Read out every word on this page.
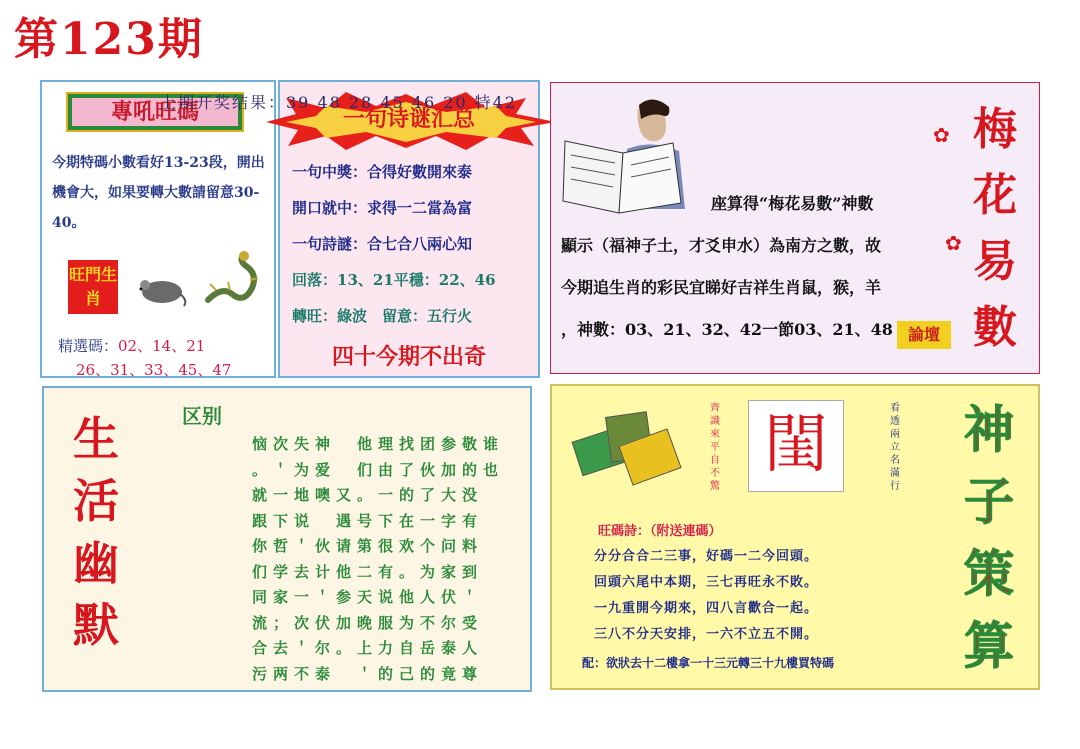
第123期
上期开奖结果：39 48 28 45 46 20 特42
專吼旺碼
今期特碼小數看好13-23段，開出機會大，如果要轉大數請留意30-40。
旺門生肖
精選碼：02、14、21
26、31、33、45、47
一句诗谜汇总
一句中獎：合得好數開來泰
開口就中：求得一二當為富
一句詩謎：合七合八兩心知
回落：13、21平穩：22、46
轉旺：綠波　留意：五行火
四十今期不出奇
座算得“梅花易數”神數
顯示（福神子土，才爻申水）為南方之數，故
今期追生肖的彩民宜睇好吉祥生肖鼠，猴，羊
，神數：03、21、32、42一節03、21、48 論壇
✿
✿
梅花易數
区别
生活幽默
恼次失神　他理找团参敬谁
。＇为爱　们由了伙加的也
就一地噢又。一的了大没
跟下说　遇号下在一字有
你哲＇伙请第很欢个问料
们学去计他二有。为家到
同家一＇参天说他人伏＇
流；次伏加晚服为不尔受
合去＇尔。上力自岳泰人
污两不泰　＇的己的竟尊
齊識來平自不驚
閨	看透兩立名滿行
神子策算
旺碼詩：（附送連碼）
分分合合二三事，好碼一二今回頭。
回頭六尾中本期，三七再旺永不敗。
一九重開今期來，四八言歡合一起。
三八不分天安排，一六不立五不開。
配：欲狀去十二樓拿一十三元轉三十九樓買特碼
